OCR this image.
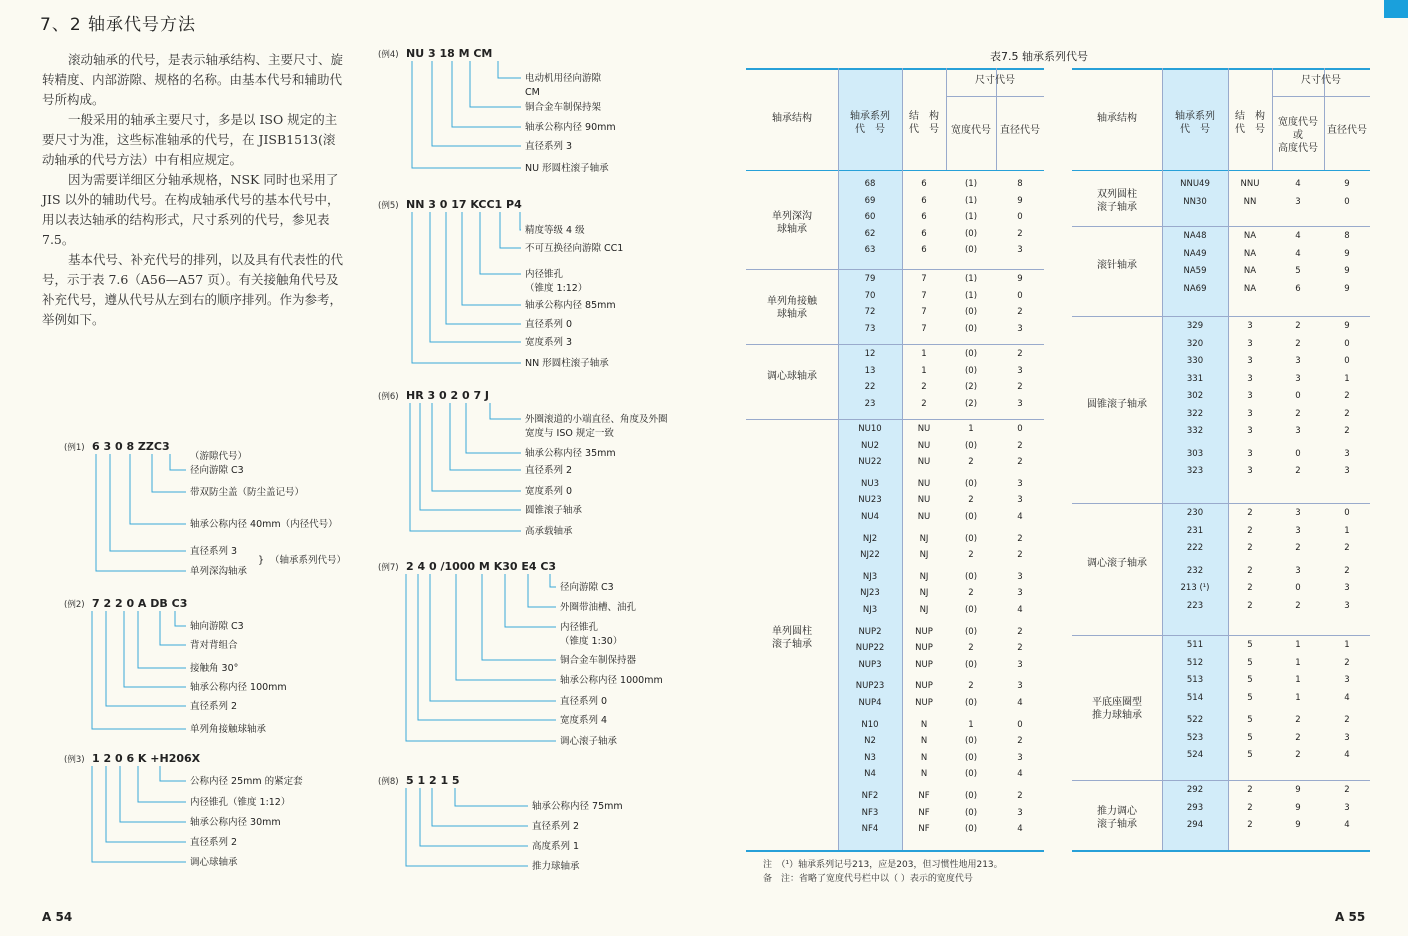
7、2 轴承代号方法

滚动轴承的代号，是表示轴承结构、主要尺寸、旋转精度、内部游隙、规格的名称。由基本代号和辅助代号所构成。

一般采用的轴承主要尺寸，多是以 ISO 规定的主要尺寸为准，这些标准轴承的代号，在 JISB1513(滚动轴承的代号方法）中有相应规定。

因为需要详细区分轴承规格，NSK 同时也采用了 JIS 以外的辅助代号。在构成轴承代号的基本代号中，用以表达轴承的结构形式，尺寸系列的代号，参见表 7.5。

基本代号、补充代号的排列，以及具有代表性的代号，示于表 7.6（A56—A57 页）。有关接触角代号及补充代号，遵从代号从左到右的顺序排列。作为参考，举例如下。

(例1) 6 3 0 8 ZZC3
（游隙代号）
径向游隙 C3
带双防尘盖（防尘盖记号）
轴承公称内径 40mm（内径代号）
直径系列 3
单列深沟轴承
} （轴承系列代号）
(例2) 7 2 2 0 A DB C3
轴向游隙 C3
背对背组合
接触角 30°
轴承公称内径 100mm
直径系列 2
单列角接触球轴承
(例3) 1 2 0 6 K +H206X
公称内径 25mm 的紧定套
内径锥孔（锥度 1:12）
轴承公称内径 30mm
直径系列 2
调心球轴承
(例4) NU 3 18 M CM
电动机用径向游隙
CM
铜合金车制保持架
轴承公称内径 90mm
直径系列 3
NU 形圆柱滚子轴承
(例5) NN 3 0 17 KCC1 P4
精度等级 4 级
不可互换径向游隙 CC1
内径锥孔
（锥度 1:12）
轴承公称内径 85mm
直径系列 0
宽度系列 3
NN 形圆柱滚子轴承
(例6) HR 3 0 2 0 7 J
外圈滚道的小端直径、角度及外圈
宽度与 ISO 规定一致
轴承公称内径 35mm
直径系列 2
宽度系列 0
圆锥滚子轴承
高承载轴承
(例7) 2 4 0 /1000 M K30 E4 C3
径向游隙 C3
外圈带油槽、油孔
内径锥孔
（锥度 1:30）
铜合金车制保持器
轴承公称内径 1000mm
直径系列 0
宽度系列 4
调心滚子轴承
(例8) 5 1 2 1 5
轴承公称内径 75mm
直径系列 2
高度系列 1
推力球轴承
表7.5 轴承系列代号
轴承结构	轴承系列
代　号
结　构
代　号
尺寸代号
宽度代号 直径代号
单列深沟
球轴承
68	6	(1)	8
69	6	(1)	9
60	6	(1)	0
62	6	(0)	2
63	6	(0)	3
单列角接触
球轴承
79	7	(1)	9
70	7	(1)	0
72	7	(0)	2
73	7	(0)	3
调心球轴承
12	1	(0)	2
13	1	(0)	3
22	2	(2)	2
23	2	(2)	3
单列圆柱
滚子轴承
NU10	NU	1	0
NU2	NU	(0)	2
NU22	NU	2	2
NU3	NU	(0)	3
NU23	NU	2	3
NU4	NU	(0)	4
NJ2	NJ	(0)	2
NJ22	NJ	2	2
NJ3	NJ	(0)	3
NJ23	NJ	2	3
NJ3	NJ	(0)	4
NUP2	NUP	(0)	2
NUP22	NUP	2	2
NUP3	NUP	(0)	3
NUP23	NUP	2	3
NUP4	NUP	(0)	4
N10	N	1	0
N2	N	(0)	2
N3	N	(0)	3
N4	N	(0)	4
NF2	NF	(0)	2
NF3	NF	(0)	3
NF4	NF	(0)	4
轴承结构	轴承系列
代　号
结　构
代　号
尺寸代号
宽度代号
或
高度代号
直径代号
双列圆柱
滚子轴承
NNU49	NNU	4	9
NN30	NN	3	0
滚针轴承
NA48	NA	4	8
NA49	NA	4	9
NA59	NA	5	9
NA69	NA	6	9
圆锥滚子轴承
329	3	2	9
320	3	2	0
330	3	3	0
331	3	3	1
302	3	0	2
322	3	2	2
332	3	3	2
303	3	0	3
323	3	2	3
调心滚子轴承
230	2	3	0
231	2	3	1
222	2	2	2
232	2	3	2
213 (¹)	2	0	3
223	2	2	3
平底座圈型
推力球轴承
511	5	1	1
512	5	1	2
513	5	1	3
514	5	1	4
522	5	2	2
523	5	2	3
524	5	2	4
推力调心
滚子轴承
292	2	9	2
293	2	9	3
294	2	9	4
注　（¹）轴承系列记号213，应是203，但习惯性地用213。
备　注：省略了宽度代号栏中以（ ）表示的宽度代号
A 54	A 55
